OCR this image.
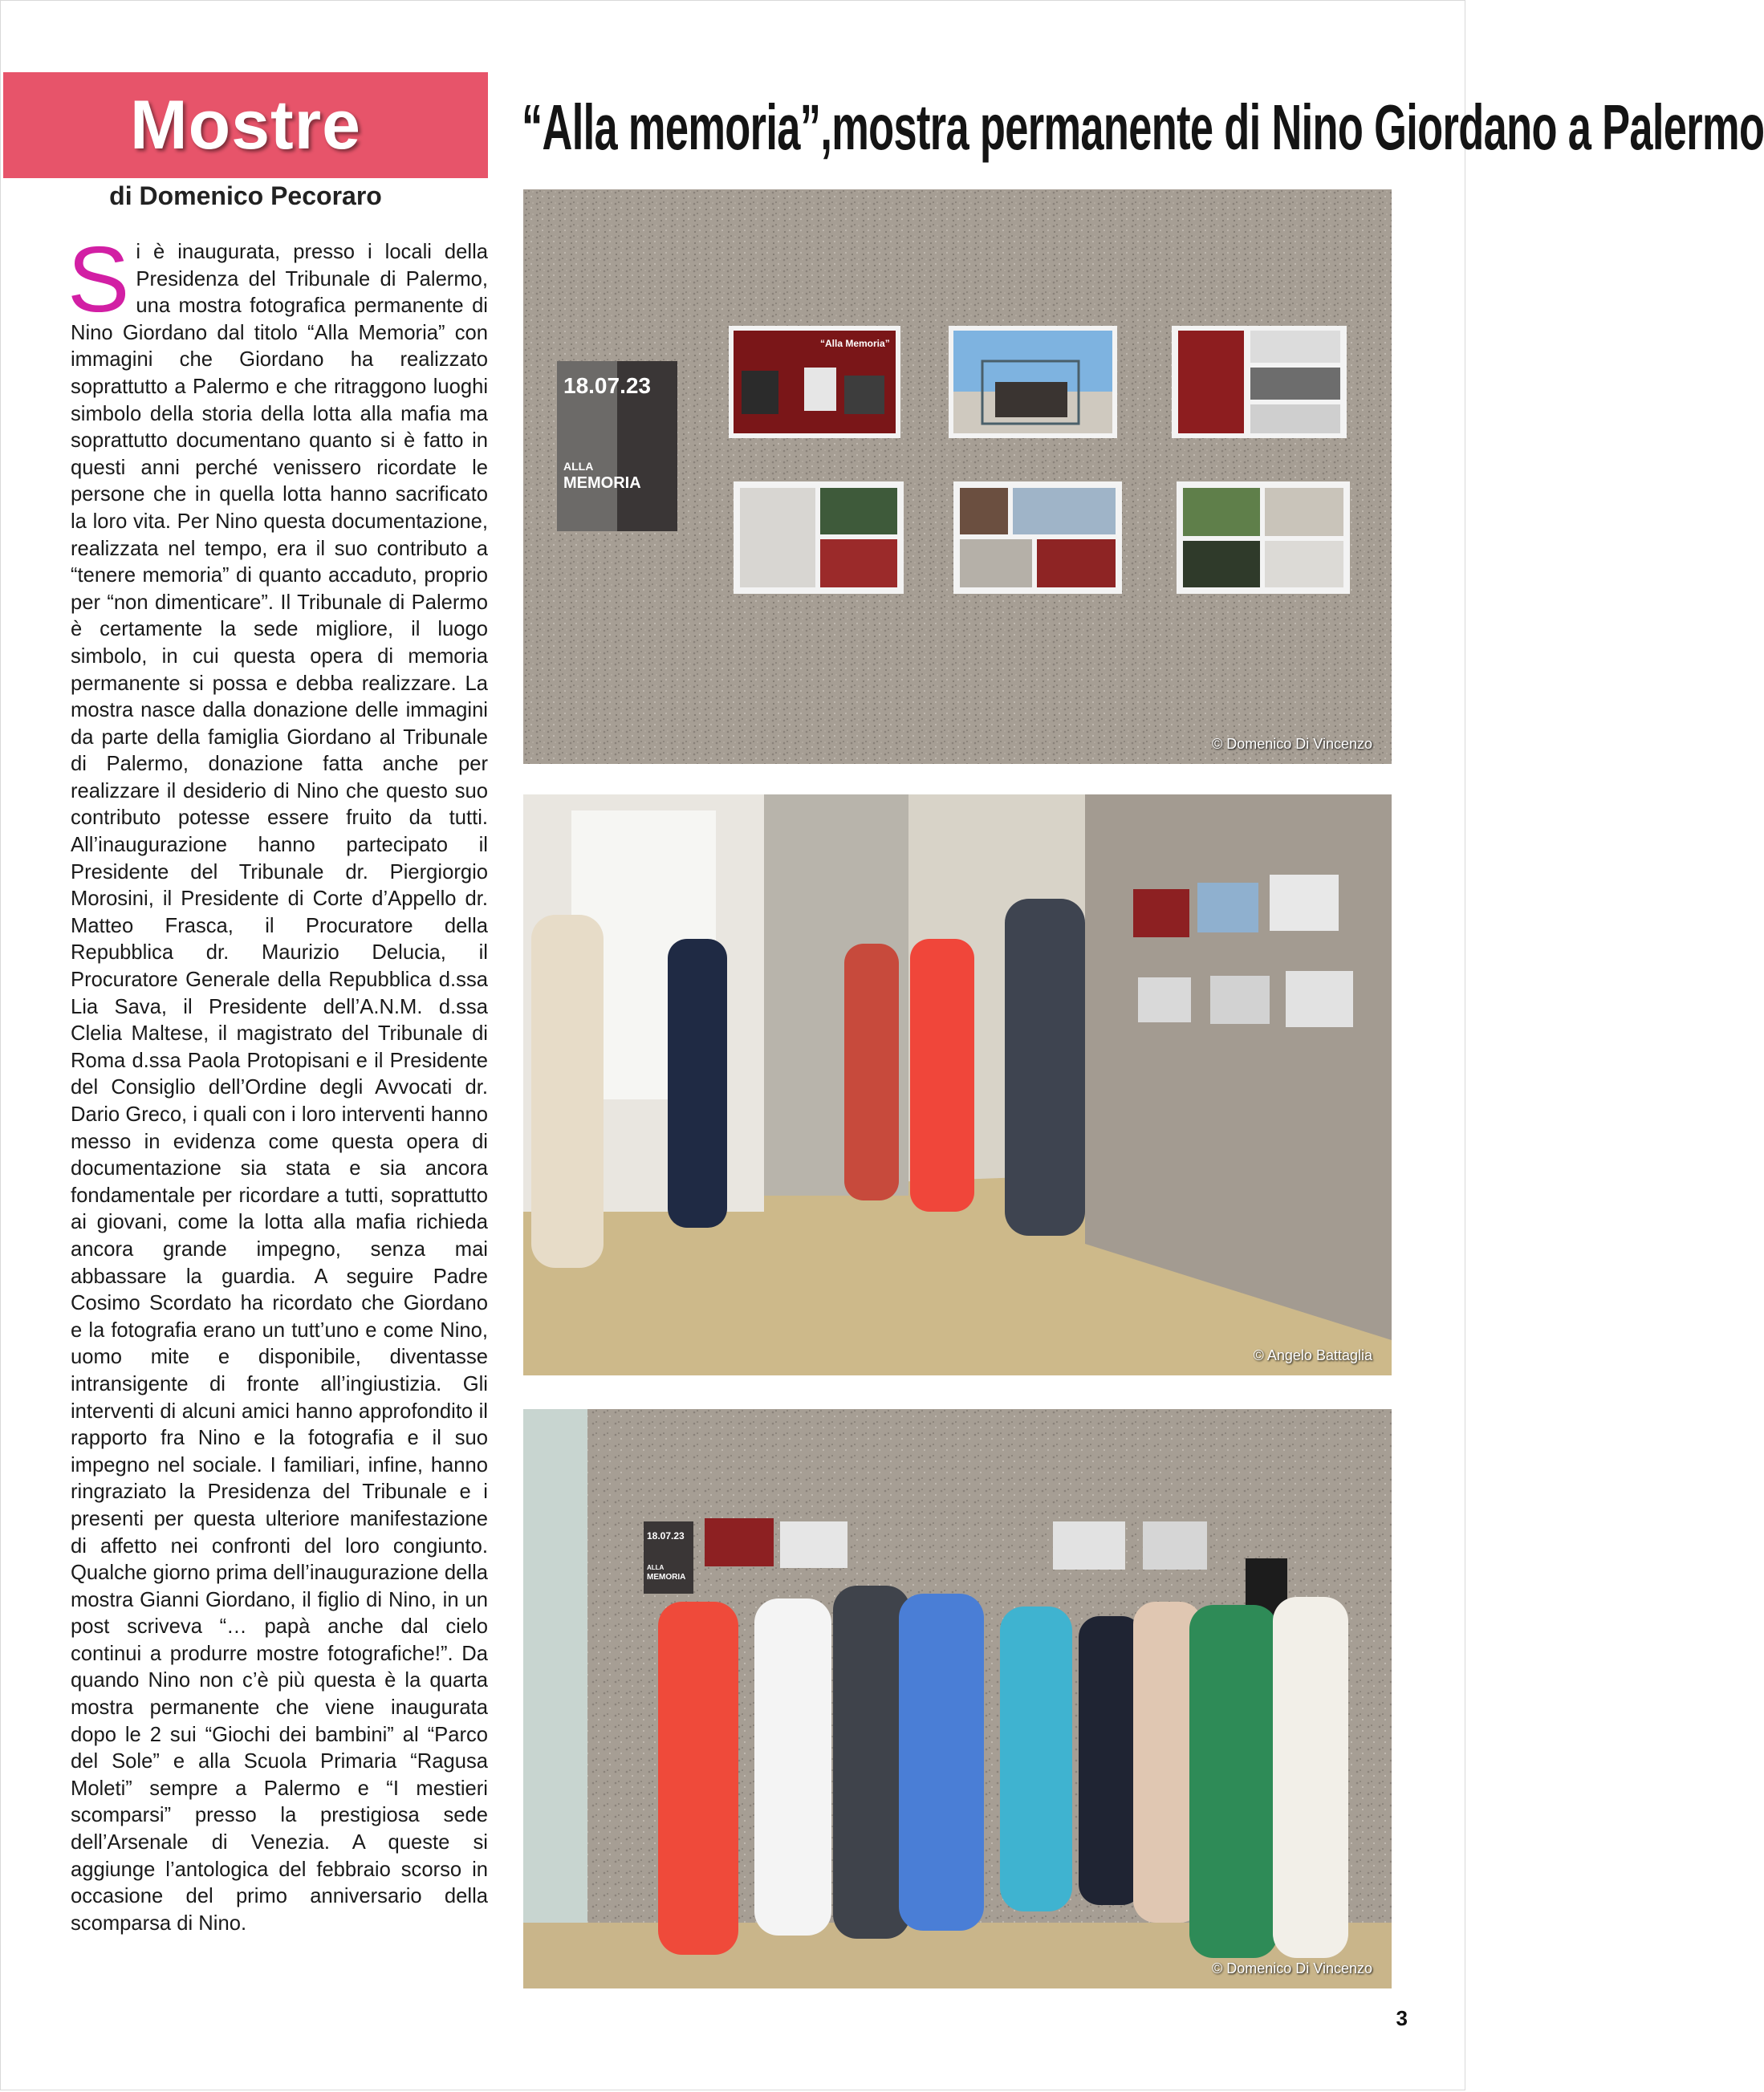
Mostre
di Domenico Pecoraro
“Alla memoria”,mostra permanente di Nino Giordano a Palermo
Si è inaugurata, presso i locali della Presidenza del Tribunale di Palermo, una mostra fotografica permanente di Nino Giordano dal titolo “Alla Memoria” con immagini che Giordano ha realizzato soprattutto a Palermo e che ritraggono luoghi simbolo della storia della lotta alla mafia ma soprattutto documentano quanto si è fatto in questi anni perché venissero ricordate le persone che in quella lotta hanno sacrificato la loro vita. Per Nino questa documentazione, realizzata nel tempo, era il suo contributo a “tenere memoria” di quanto accaduto, proprio per “non dimenticare”. Il Tribunale di Palermo è certamente la sede migliore, il luogo simbolo, in cui questa opera di memoria permanente si possa e debba realizzare. La mostra nasce dalla donazione delle immagini da parte della famiglia Giordano al Tribunale di Palermo, donazione fatta anche per realizzare il desiderio di Nino che questo suo contributo potesse essere fruito da tutti. All’inaugurazione hanno partecipato il Presidente del Tribunale dr. Piergiorgio Morosini, il Presidente di Corte d’Appello dr. Matteo Frasca, il Procuratore della Repubblica dr. Maurizio Delucia, il Procuratore Generale della Repubblica d.ssa Lia Sava, il Presidente dell’A.N.M. d.ssa Clelia Maltese, il magistrato del Tribunale di Roma d.ssa Paola Protopisani e il Presidente del Consiglio dell’Ordine degli Avvocati dr. Dario Greco, i quali con i loro interventi hanno messo in evidenza come questa opera di documentazione sia stata e sia ancora fondamentale per ricordare a tutti, soprattutto ai giovani, come la lotta alla mafia richieda ancora grande impegno, senza mai abbassare la guardia. A seguire Padre Cosimo Scordato ha ricordato che Giordano e la fotografia erano un tutt’uno e come Nino, uomo mite e disponibile, diventasse intransigente di fronte all’ingiustizia. Gli interventi di alcuni amici hanno approfondito il rapporto fra Nino e la fotografia e il suo impegno nel sociale. I familiari, infine, hanno ringraziato la Presidenza del Tribunale e i presenti per questa ulteriore manifestazione di affetto nei confronti del loro congiunto. Qualche giorno prima dell’inaugurazione della mostra Gianni Giordano, il figlio di Nino, in un post scriveva “… papà anche dal cielo continui a produrre mostre fotografiche!”. Da quando Nino non c’è più questa è la quarta mostra permanente che viene inaugurata dopo le 2 sui “Giochi dei bambini” al “Parco del Sole” e alla Scuola Primaria “Ragusa Moleti” sempre a Palermo e “I mestieri scomparsi” presso la prestigiosa sede dell’Arsenale di Venezia. A queste si aggiunge l’antologica del febbraio scorso in occasione del primo anniversario della scomparsa di Nino.
18.07.23
ALLA
MEMORIA
“Alla Memoria”
© Domenico Di Vincenzo
© Angelo Battaglia
18.07.23
ALLA
MEMORIA
© Domenico Di Vincenzo
3
